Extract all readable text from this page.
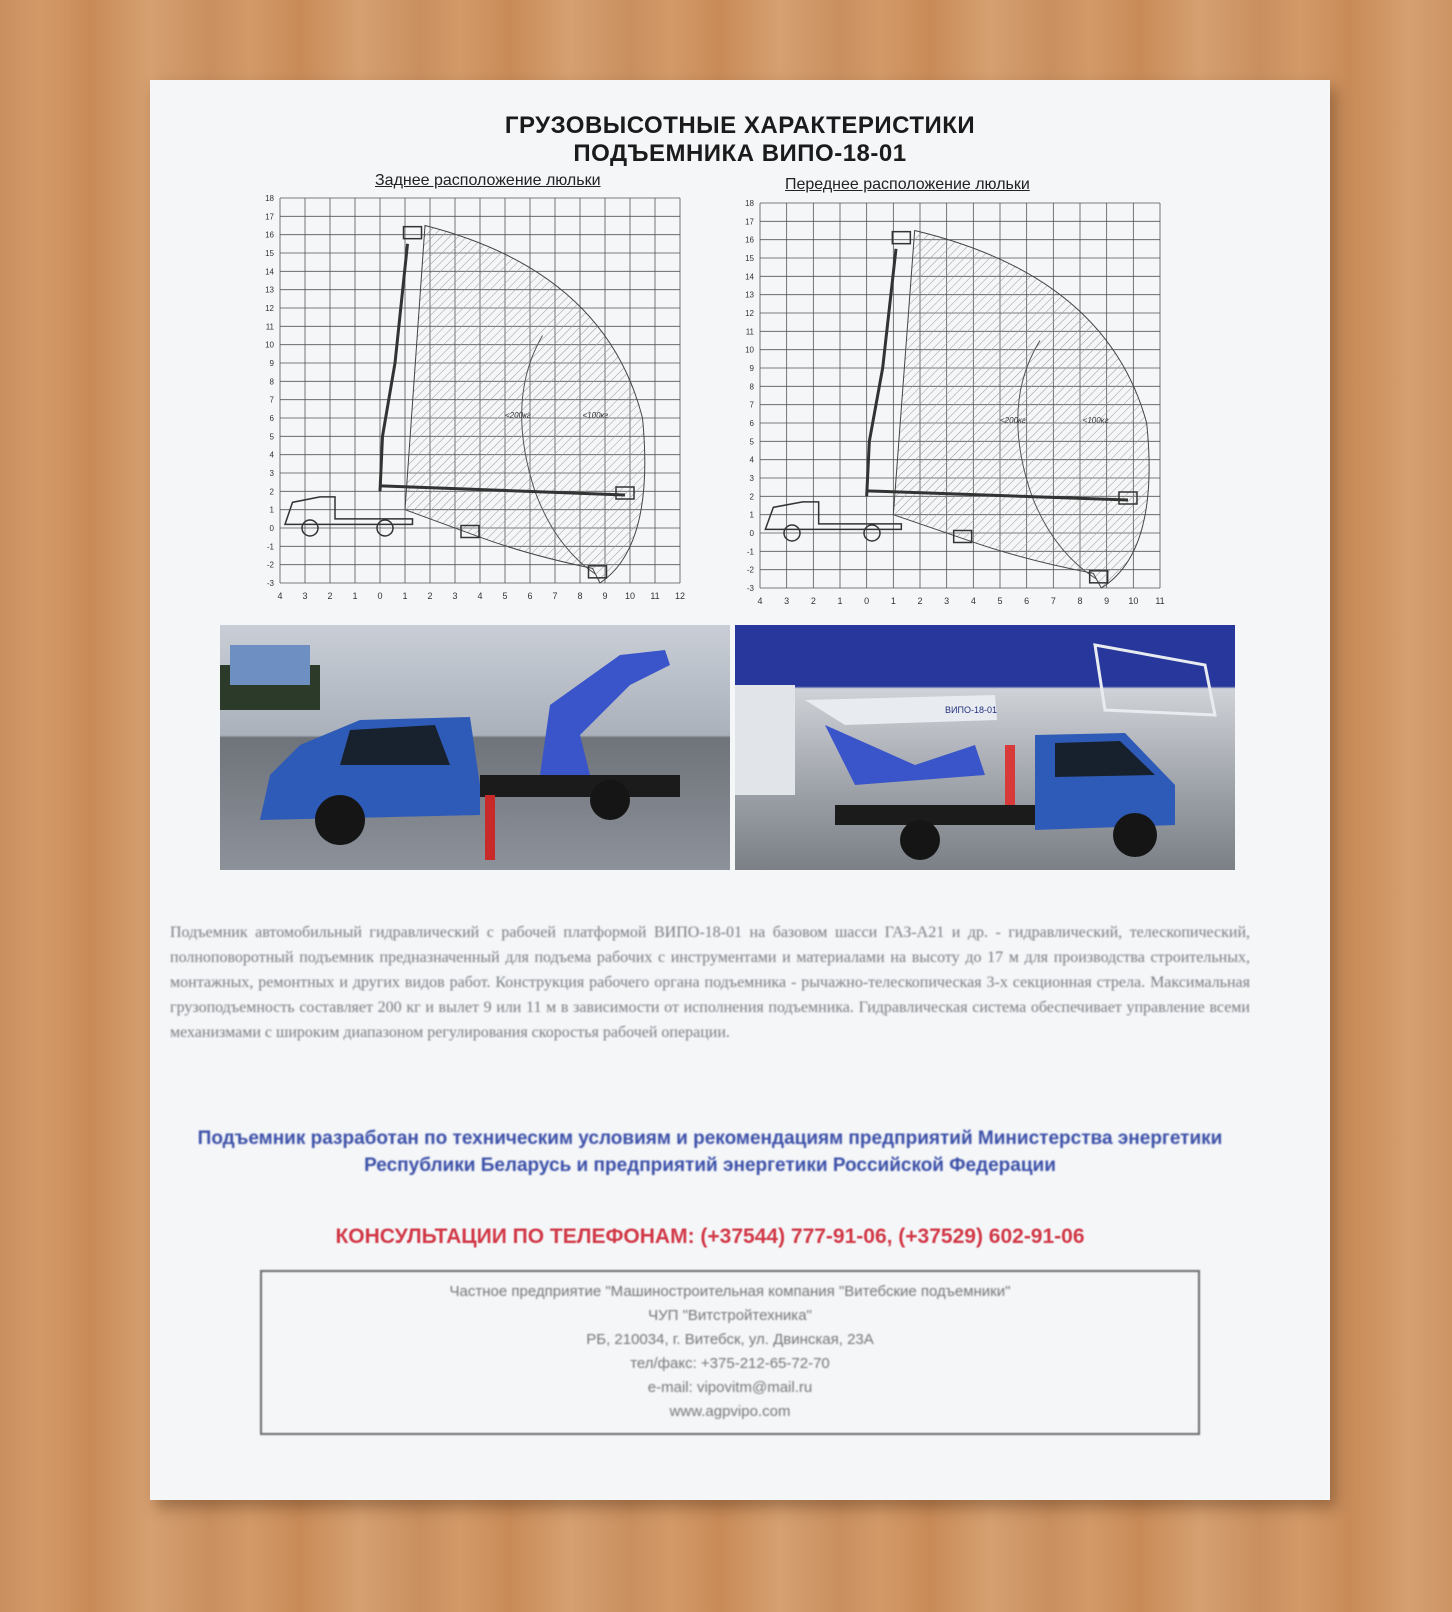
ГРУЗОВЫСОТНЫЕ ХАРАКТЕРИСТИКИ
ПОДЪЕМНИКА ВИПО-18-01
Заднее расположение люльки	Переднее расположение люльки
4 3 2 1 0 1 2 3 4 5 6 7 8 9 10 11 12
18
17
16
15
14
13
12
11
10
9
8
7
6
5
4
3
2
1
0
-1
-2
-3
<200кг	<100кг
4 3 2 1 0 1 2 3 4 5 6 7 8 9 10 11
18
17
16
15
14
13
12
11
10
9
8
7
6
5
4
3
2
1
0
-1
-2
-3
<200кг	<100кг
ВИПО-18-01
Подъемник автомобильный гидравлический с рабочей платформой ВИПО-18-01 на базовом шасси ГАЗ-А21 и др. - гидравлический, телескопический, полноповоротный подъемник предназначенный для подъема рабочих с инструментами и материалами на высоту до 17 м для производства строительных, монтажных, ремонтных и других видов работ. Конструкция рабочего органа подъемника - рычажно-телескопическая 3-х секционная стрела. Максимальная грузоподъемность составляет 200 кг и вылет 9 или 11 м в зависимости от исполнения подъемника. Гидравлическая система обеспечивает управление всеми механизмами с широким диапазоном регулирования скоростья рабочей операции.
Подъемник разработан по техническим условиям и рекомендациям предприятий Министерства энергетики Республики Беларусь и предприятий энергетики Российской Федерации
КОНСУЛЬТАЦИИ ПО ТЕЛЕФОНАМ: (+37544) 777-91-06, (+37529) 602-91-06
Частное предприятие "Машиностроительная компания "Витебские подъемники"
ЧУП "Витстройтехника"
РБ, 210034, г. Витебск, ул. Двинская, 23А
тел/факс: +375-212-65-72-70
e-mail: vipovitm@mail.ru
www.agpvipo.com
